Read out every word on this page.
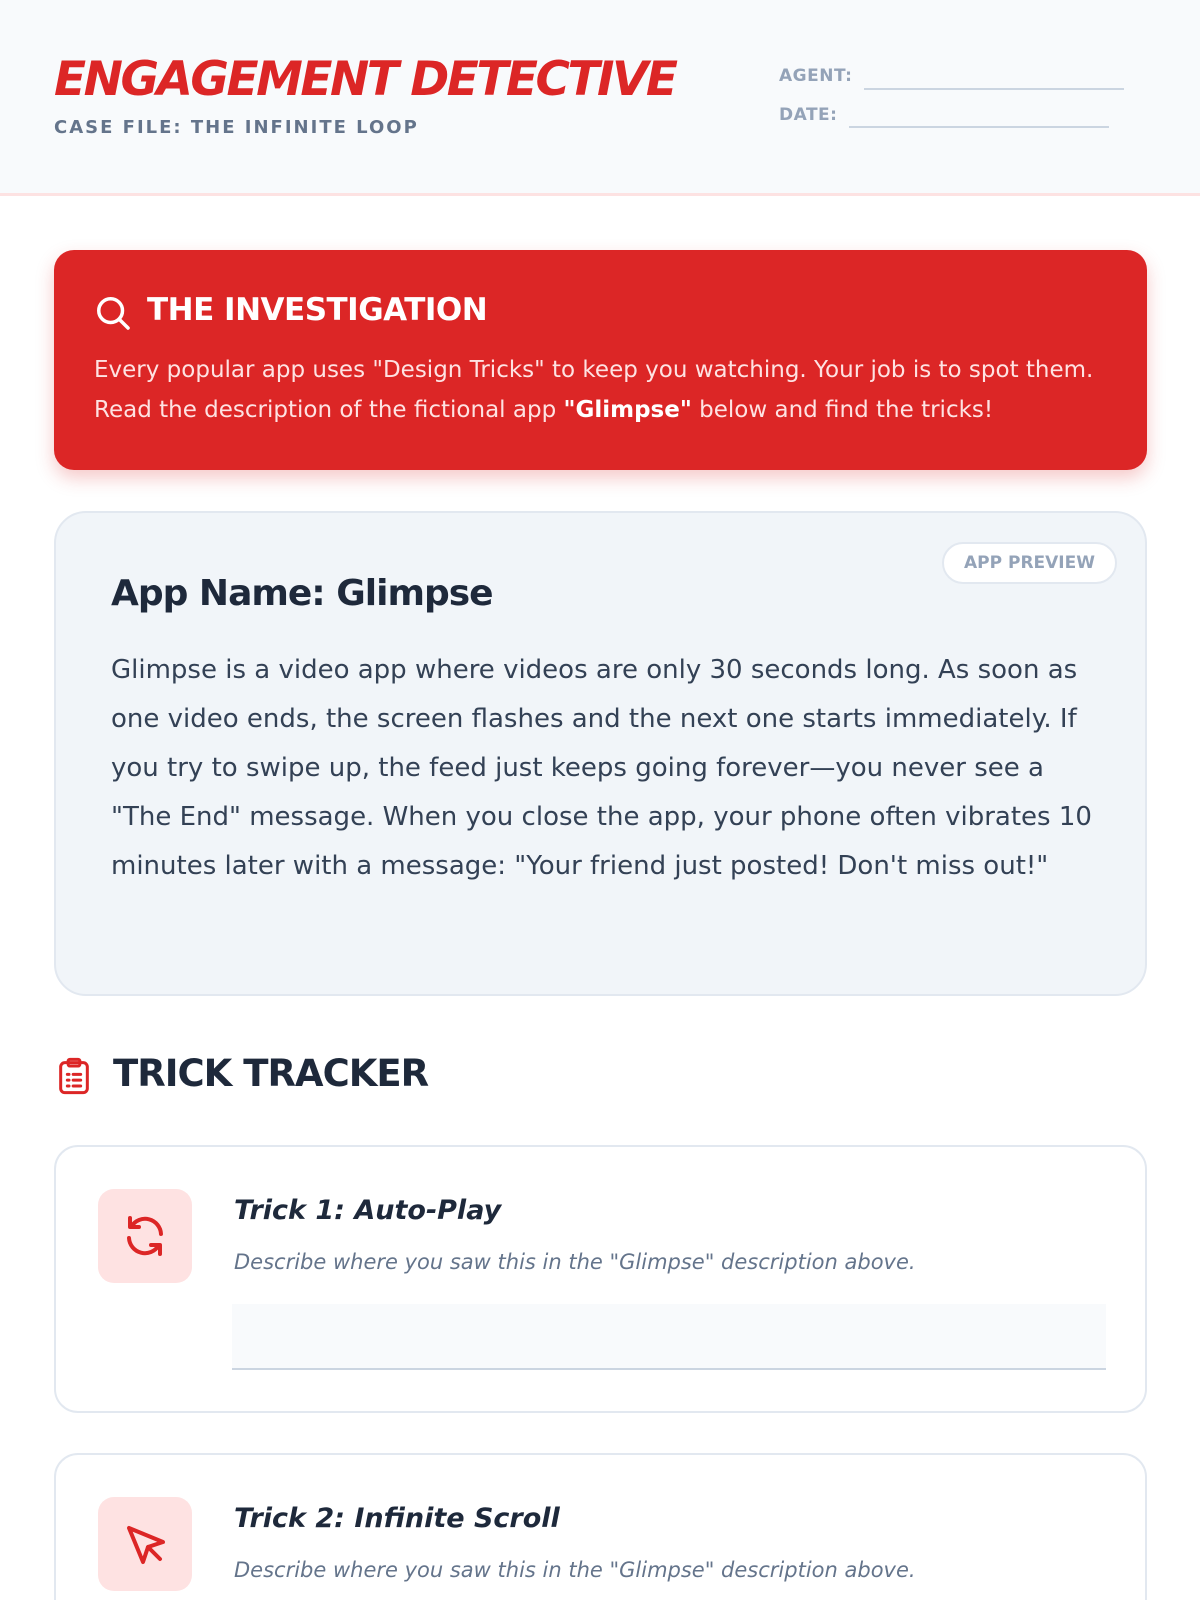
ENGAGEMENT DETECTIVE
CASE FILE: THE INFINITE LOOP
AGENT:
DATE:
THE INVESTIGATION
Every popular app uses "Design Tricks" to keep you watching. Your job is to spot them. Read the description of the fictional app "Glimpse" below and find the tricks!
APP PREVIEW
App Name: Glimpse
Glimpse is a video app where videos are only 30 seconds long. As soon as one video ends, the screen flashes and the next one starts immediately. If you try to swipe up, the feed just keeps going forever—you never see a "The End" message. When you close the app, your phone often vibrates 10 minutes later with a message: "Your friend just posted! Don't miss out!"
TRICK TRACKER
Trick 1: Auto-Play
Describe where you saw this in the "Glimpse" description above.
Trick 2: Infinite Scroll
Describe where you saw this in the "Glimpse" description above.
